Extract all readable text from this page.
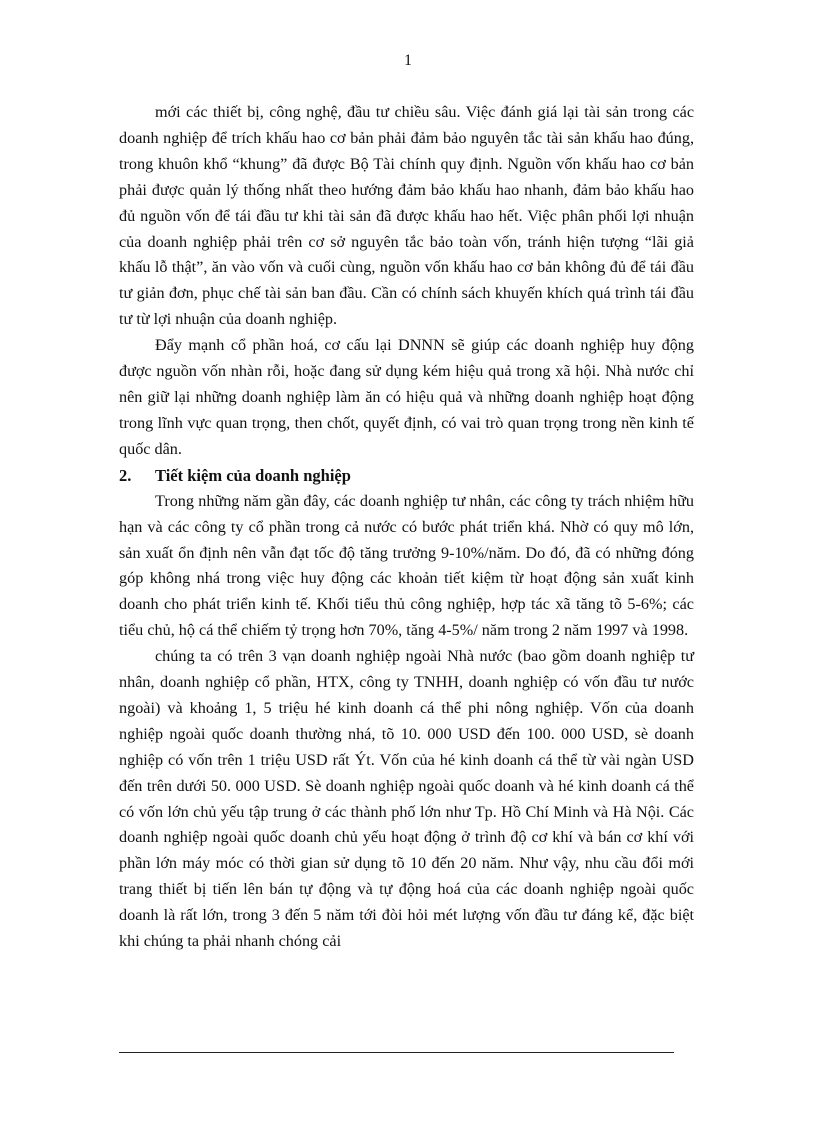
1

mới các thiết bị, công nghệ, đầu tư chiều sâu. Việc đánh giá lại tài sản trong các doanh nghiệp để trích khấu hao cơ bản phải đảm bảo nguyên tắc tài sản khấu hao đúng, trong khuôn khổ “khung” đã được Bộ Tài chính quy định. Nguồn vốn khấu hao cơ bản phải được quản lý thống nhất theo hướng đảm bảo khấu hao nhanh, đảm bảo khấu hao đủ nguồn vốn để tái đầu tư khi tài sản đã được khấu hao hết. Việc phân phối lợi nhuận của doanh nghiệp phải trên cơ sở nguyên tắc bảo toàn vốn, tránh hiện tượng “lãi giả khấu lỗ thật”, ăn vào vốn và cuối cùng, nguồn vốn khấu hao cơ bản không đủ để tái đầu tư giản đơn, phục chế tài sản ban đầu. Cần có chính sách khuyến khích quá trình tái đầu tư từ lợi nhuận của doanh nghiệp.

Đẩy mạnh cổ phần hoá, cơ cấu lại DNNN sẽ giúp các doanh nghiệp huy động được nguồn vốn nhàn rỗi, hoặc đang sử dụng kém hiệu quả trong xã hội. Nhà nước chỉ nên giữ lại những doanh nghiệp làm ăn có hiệu quả và những doanh nghiệp hoạt động trong lĩnh vực quan trọng, then chốt, quyết định, có vai trò quan trọng trong nền kinh tế quốc dân.

2.	Tiết kiệm của doanh nghiệp

Trong những năm gần đây, các doanh nghiệp tư nhân, các công ty trách nhiệm hữu hạn và các công ty cổ phần trong cả nước có bước phát triển khá. Nhờ có quy mô lớn, sản xuất ổn định nên vẫn đạt tốc độ tăng trưởng 9-10%/năm. Do đó, đã có những đóng góp không nhá trong việc huy động các khoản tiết kiệm từ hoạt động sản xuất kinh doanh cho phát triển kinh tế. Khối tiểu thủ công nghiệp, hợp tác xã tăng tõ 5-6%; các tiểu chủ, hộ cá thể chiếm tỷ trọng hơn 70%, tăng 4-5%/ năm trong 2 năm 1997 và 1998.

chúng ta có trên 3 vạn doanh nghiệp ngoài Nhà nước (bao gồm doanh nghiệp tư nhân, doanh nghiệp cổ phần, HTX, công ty TNHH, doanh nghiệp có vốn đầu tư nước ngoài) và khoảng 1, 5 triệu hé kinh doanh cá thể phi nông nghiệp. Vốn của doanh nghiệp ngoài quốc doanh thường nhá, tõ 10. 000 USD đến 100. 000 USD, sè doanh nghiệp có vốn trên 1 triệu USD rất Ýt. Vốn của hé kinh doanh cá thể từ vài ngàn USD đến trên dưới 50. 000 USD. Sè doanh nghiệp ngoài quốc doanh và hé kinh doanh cá thể có vốn lớn chủ yếu tập trung ở các thành phố lớn như Tp. Hồ Chí Minh và Hà Nội. Các doanh nghiệp ngoài quốc doanh chủ yếu hoạt động ở trình độ cơ khí và bán cơ khí với phần lớn máy móc có thời gian sử dụng tõ 10 đến 20 năm. Như vậy, nhu cầu đổi mới trang thiết bị tiến lên bán tự động và tự động hoá của các doanh nghiệp ngoài quốc doanh là rất lớn, trong 3 đến 5 năm tới đòi hỏi mét lượng vốn đầu tư đáng kể, đặc biệt khi chúng ta phải nhanh chóng cải
